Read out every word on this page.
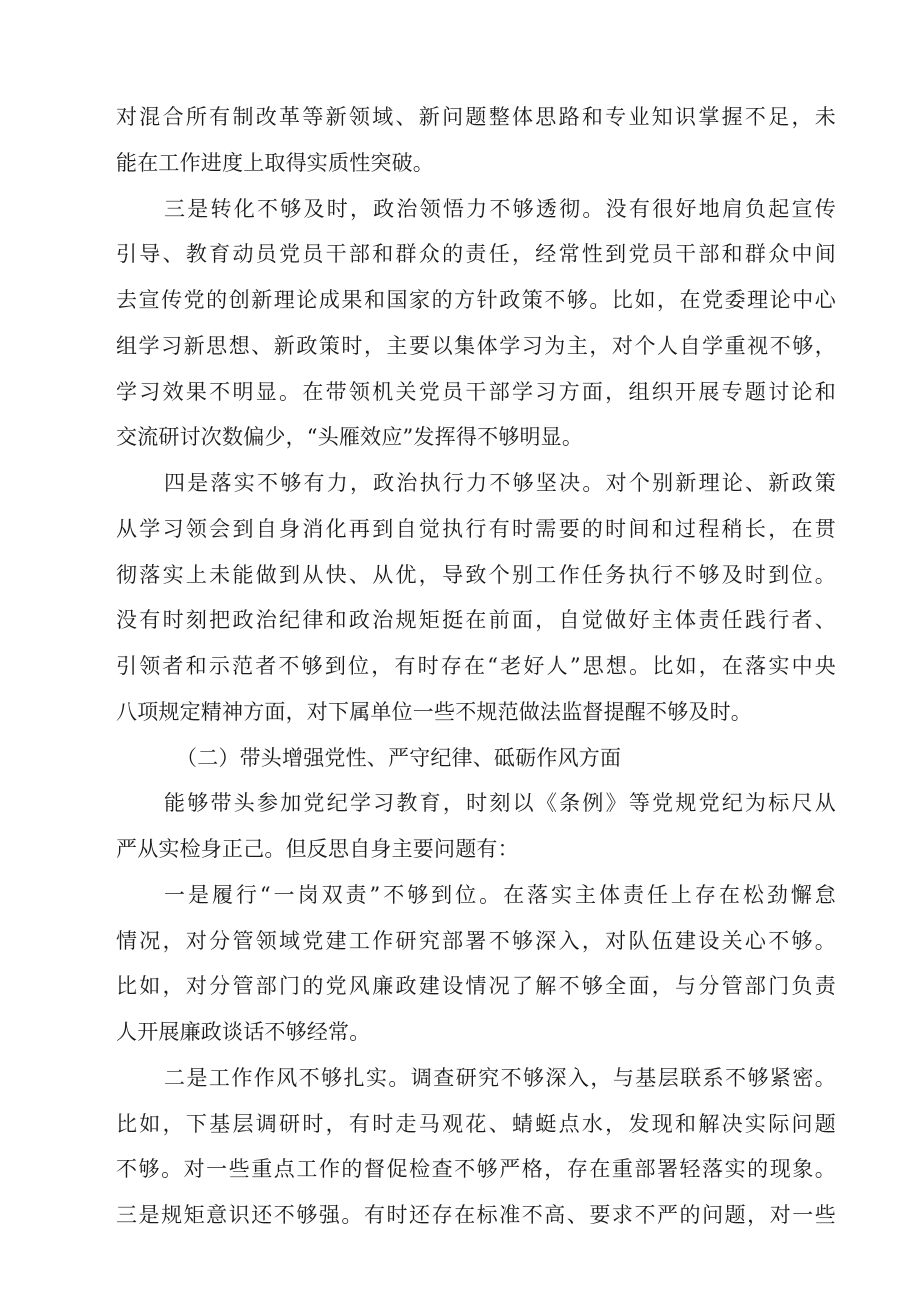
对混合所有制改革等新领域、新问题整体思路和专业知识掌握不足，未
能在工作进度上取得实质性突破。
三是转化不够及时，政治领悟力不够透彻。没有很好地肩负起宣传
引导、教育动员党员干部和群众的责任，经常性到党员干部和群众中间
去宣传党的创新理论成果和国家的方针政策不够。比如，在党委理论中心
组学习新思想、新政策时，主要以集体学习为主，对个人自学重视不够，
学习效果不明显。在带领机关党员干部学习方面，组织开展专题讨论和
交流研讨次数偏少，“头雁效应”发挥得不够明显。
四是落实不够有力，政治执行力不够坚决。对个别新理论、新政策
从学习领会到自身消化再到自觉执行有时需要的时间和过程稍长，在贯
彻落实上未能做到从快、从优，导致个别工作任务执行不够及时到位。
没有时刻把政治纪律和政治规矩挺在前面，自觉做好主体责任践行者、
引领者和示范者不够到位，有时存在“老好人”思想。比如，在落实中央
八项规定精神方面，对下属单位一些不规范做法监督提醒不够及时。
（二）带头增强党性、严守纪律、砥砺作风方面
能够带头参加党纪学习教育，时刻以《条例》等党规党纪为标尺从
严从实检身正己。但反思自身主要问题有：
一是履行“一岗双责”不够到位。在落实主体责任上存在松劲懈怠
情况，对分管领域党建工作研究部署不够深入，对队伍建设关心不够。
比如，对分管部门的党风廉政建设情况了解不够全面，与分管部门负责
人开展廉政谈话不够经常。
二是工作作风不够扎实。调查研究不够深入，与基层联系不够紧密。
比如，下基层调研时，有时走马观花、蜻蜓点水，发现和解决实际问题
不够。对一些重点工作的督促检查不够严格，存在重部署轻落实的现象。
三是规矩意识还不够强。有时还存在标准不高、要求不严的问题，对一些
